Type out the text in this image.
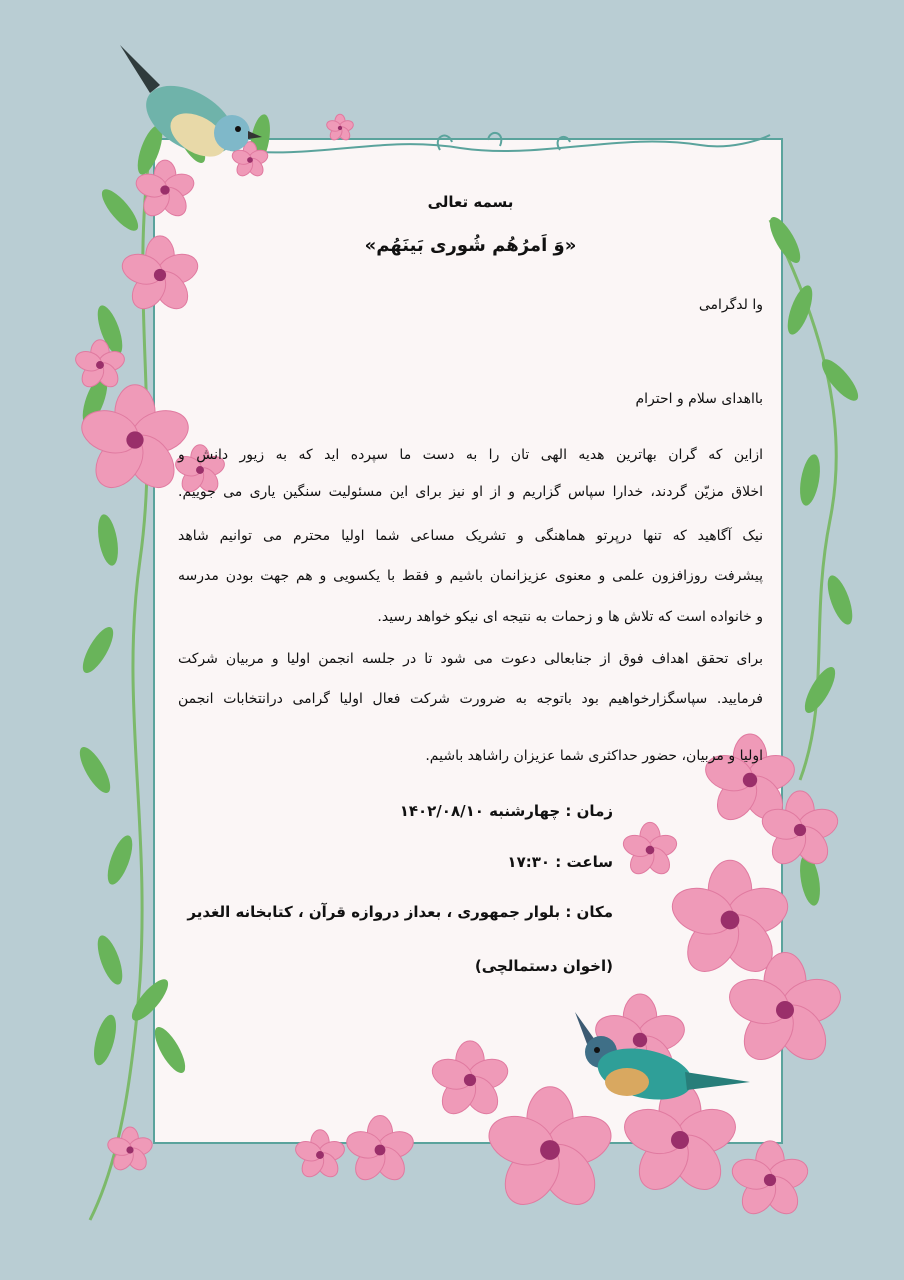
بسمه تعالی
«وَ اَمرُهُم شُوری بَینَهُم»
وا لدگرامی
بااهدای سلام و احترام
ازاین که گران بهاترین هدیه الهی تان را به دست ما سپرده اید که به زیور دانش و
اخلاق مزیّن گردند، خدارا سپاس گزاریم و از او نیز برای این مسئولیت سنگین یاری می جوییم.
نیک آگاهید که تنها درپرتو هماهنگی و تشریک مساعی شما اولیا محترم می توانیم شاهد
پیشرفت روزافزون علمی و معنوی عزیزانمان باشیم و فقط با یکسویی و هم جهت بودن مدرسه
و خانواده است که تلاش ها و زحمات به نتیجه ای نیکو خواهد رسید.
برای تحقق اهداف فوق از جنابعالی دعوت می شود تا در جلسه انجمن اولیا و مربیان شرکت
فرمایید. سپاسگزارخواهیم بود باتوجه به ضرورت شرکت فعال اولیا گرامی درانتخابات انجمن
اولیا و مربیان، حضور حداکثری شما عزیزان راشاهد باشیم.
زمان : چهارشنبه ۱۴۰۲/۰۸/۱۰
ساعت : ۱۷:۳۰
مکان : بلوار جمهوری ، بعداز دروازه قرآن ، کتابخانه الغدیر
(اخوان دستمالچی)
